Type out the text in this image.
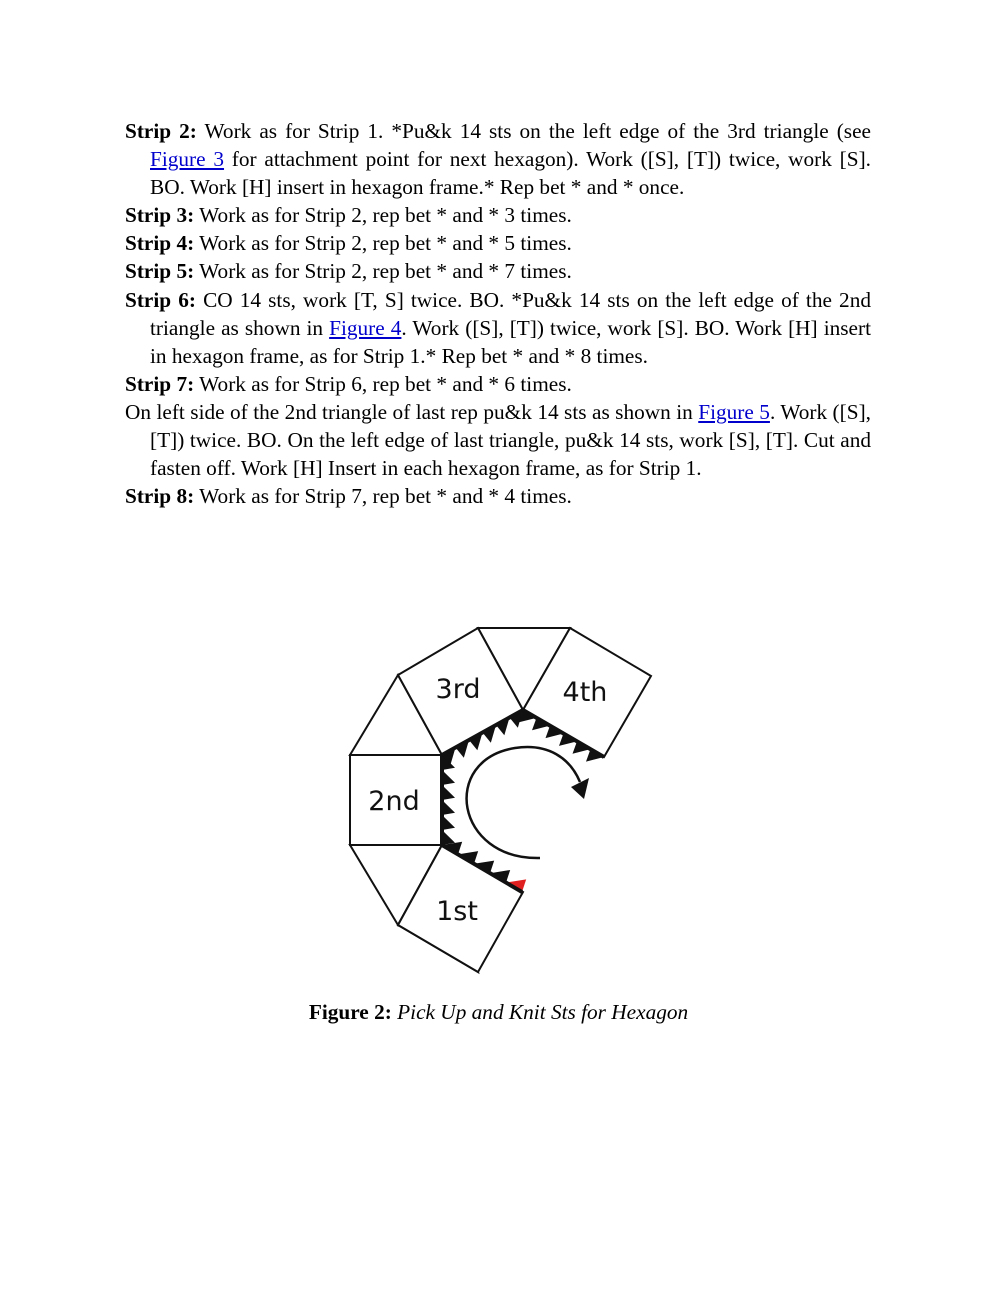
Strip 2: Work as for Strip 1. *Pu&k 14 sts on the left edge of the 3rd triangle (see Figure 3 for attachment point for next hexagon). Work ([S], [T]) twice, work [S]. BO. Work [H] insert in hexagon frame.* Rep bet * and * once.

Strip 3: Work as for Strip 2, rep bet * and * 3 times.

Strip 4: Work as for Strip 2, rep bet * and * 5 times.

Strip 5: Work as for Strip 2, rep bet * and * 7 times.

Strip 6: CO 14 sts, work [T, S] twice. BO. *Pu&k 14 sts on the left edge of the 2nd triangle as shown in Figure 4. Work ([S], [T]) twice, work [S]. BO. Work [H] insert in hexagon frame, as for Strip 1.* Rep bet * and * 8 times.

Strip 7: Work as for Strip 6, rep bet * and * 6 times.

On left side of the 2nd triangle of last rep pu&k 14 sts as shown in Figure 5. Work ([S], [T]) twice. BO. On the left edge of last triangle, pu&k 14 sts, work [S], [T]. Cut and fasten off. Work [H] Insert in each hexagon frame, as for Strip 1.

Strip 8: Work as for Strip 7, rep bet * and * 4 times.

3rd	4th
2nd
1st
Figure 2: Pick Up and Knit Sts for Hexagon
